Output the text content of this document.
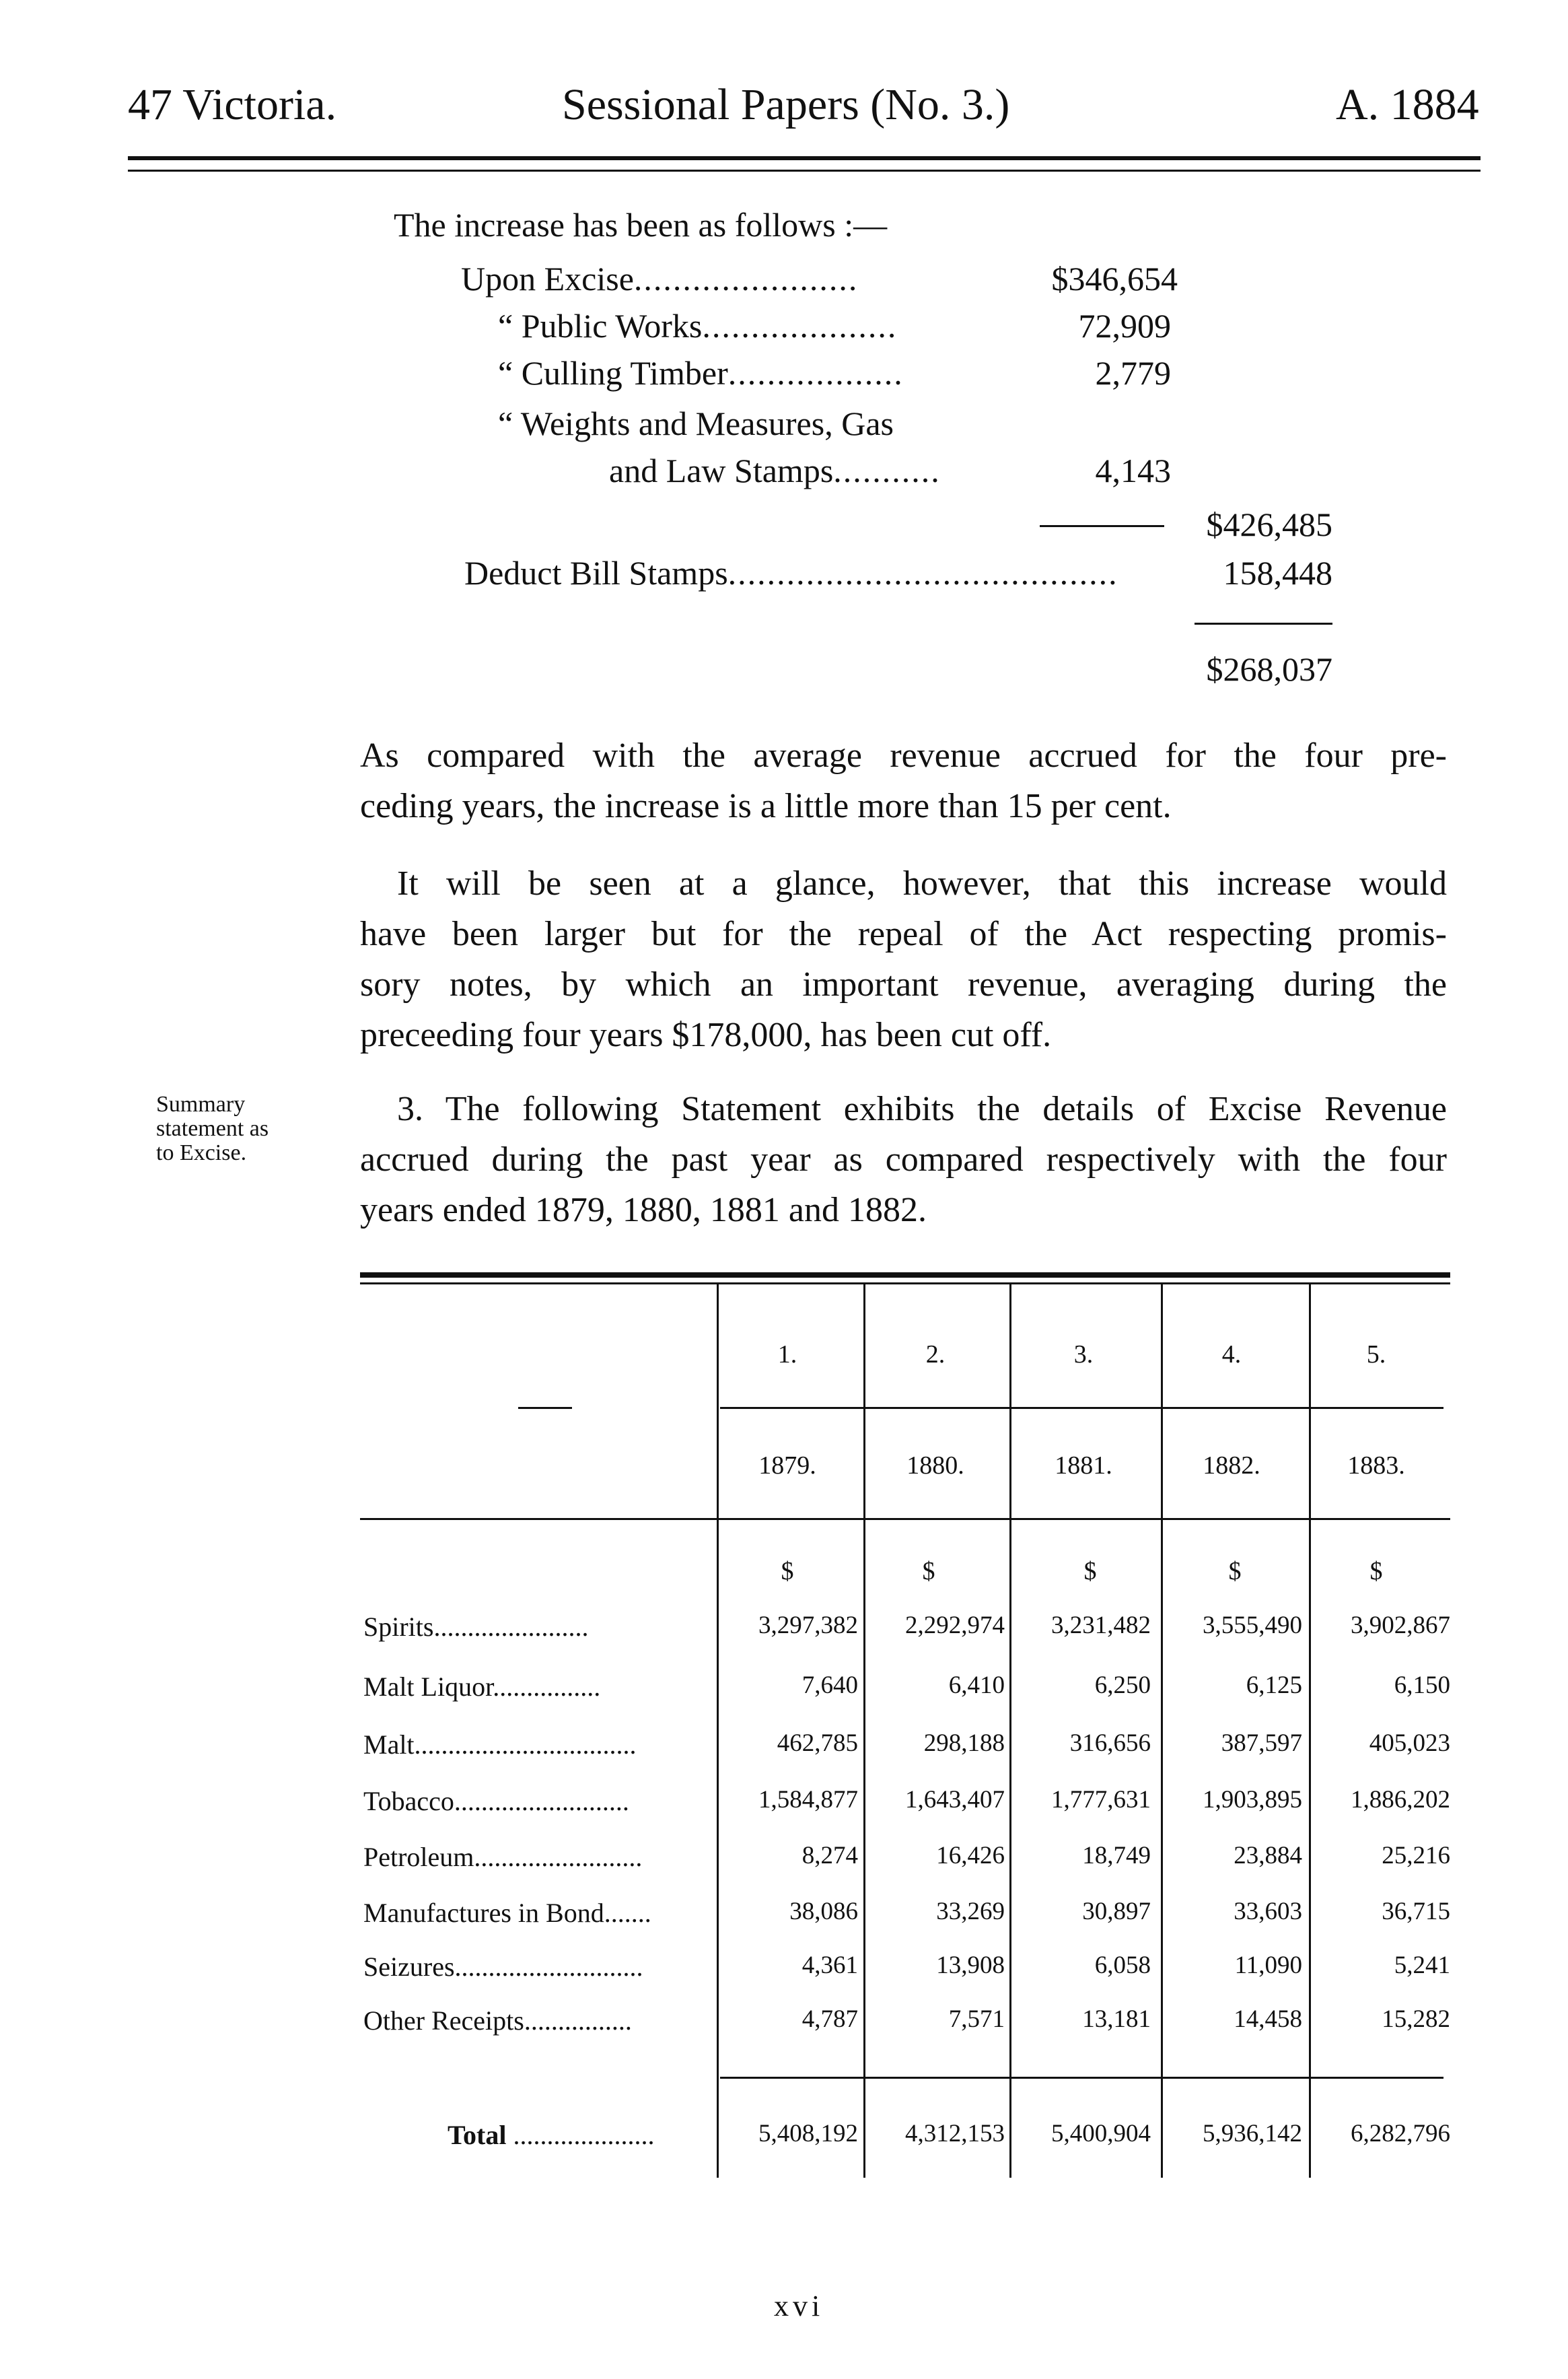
47 Victoria.	Sessional Papers (No. 3.)	A. 1884
The increase has been as follows :—
Upon Excise.......................	$346,654
“ Public Works....................	72,909
“ Culling Timber..................	2,779
“ Weights and Measures, Gas
and Law Stamps...........	4,143
$426,485
Deduct Bill Stamps........................................	158,448
$268,037
As compared with the average revenue accrued for the four pre-
ceding years, the increase is a little more than 15 per cent.
It will be seen at a glance, however, that this increase would
have been larger but for the repeal of the Act respecting promis-
sory notes, by which an important revenue, averaging during the
preceeding four years $178,000, has been cut off.
Summary
statement as
to Excise.
3. The following Statement exhibits the details of Excise Revenue
accrued during the past year as compared respectively with the four
years ended 1879, 1880, 1881 and 1882.
1.	2.	3.	4.	5.
1879.	1880.	1881.	1882.	1883.
$	$	$	$	$
Spirits.......................	3,297,382	2,292,974	3,231,482	3,555,490	3,902,867
Malt Liquor................	7,640	6,410	6,250	6,125	6,150
Malt.................................	462,785	298,188	316,656	387,597	405,023
Tobacco..........................	1,584,877	1,643,407	1,777,631	1,903,895	1,886,202
Petroleum.........................	8,274	16,426	18,749	23,884	25,216
Manufactures in Bond.......	38,086	33,269	30,897	33,603	36,715
Seizures............................	4,361	13,908	6,058	11,090	5,241
Other Receipts................	4,787	7,571	13,181	14,458	15,282
Total .....................	5,408,192	4,312,153	5,400,904	5,936,142	6,282,796
xvi
